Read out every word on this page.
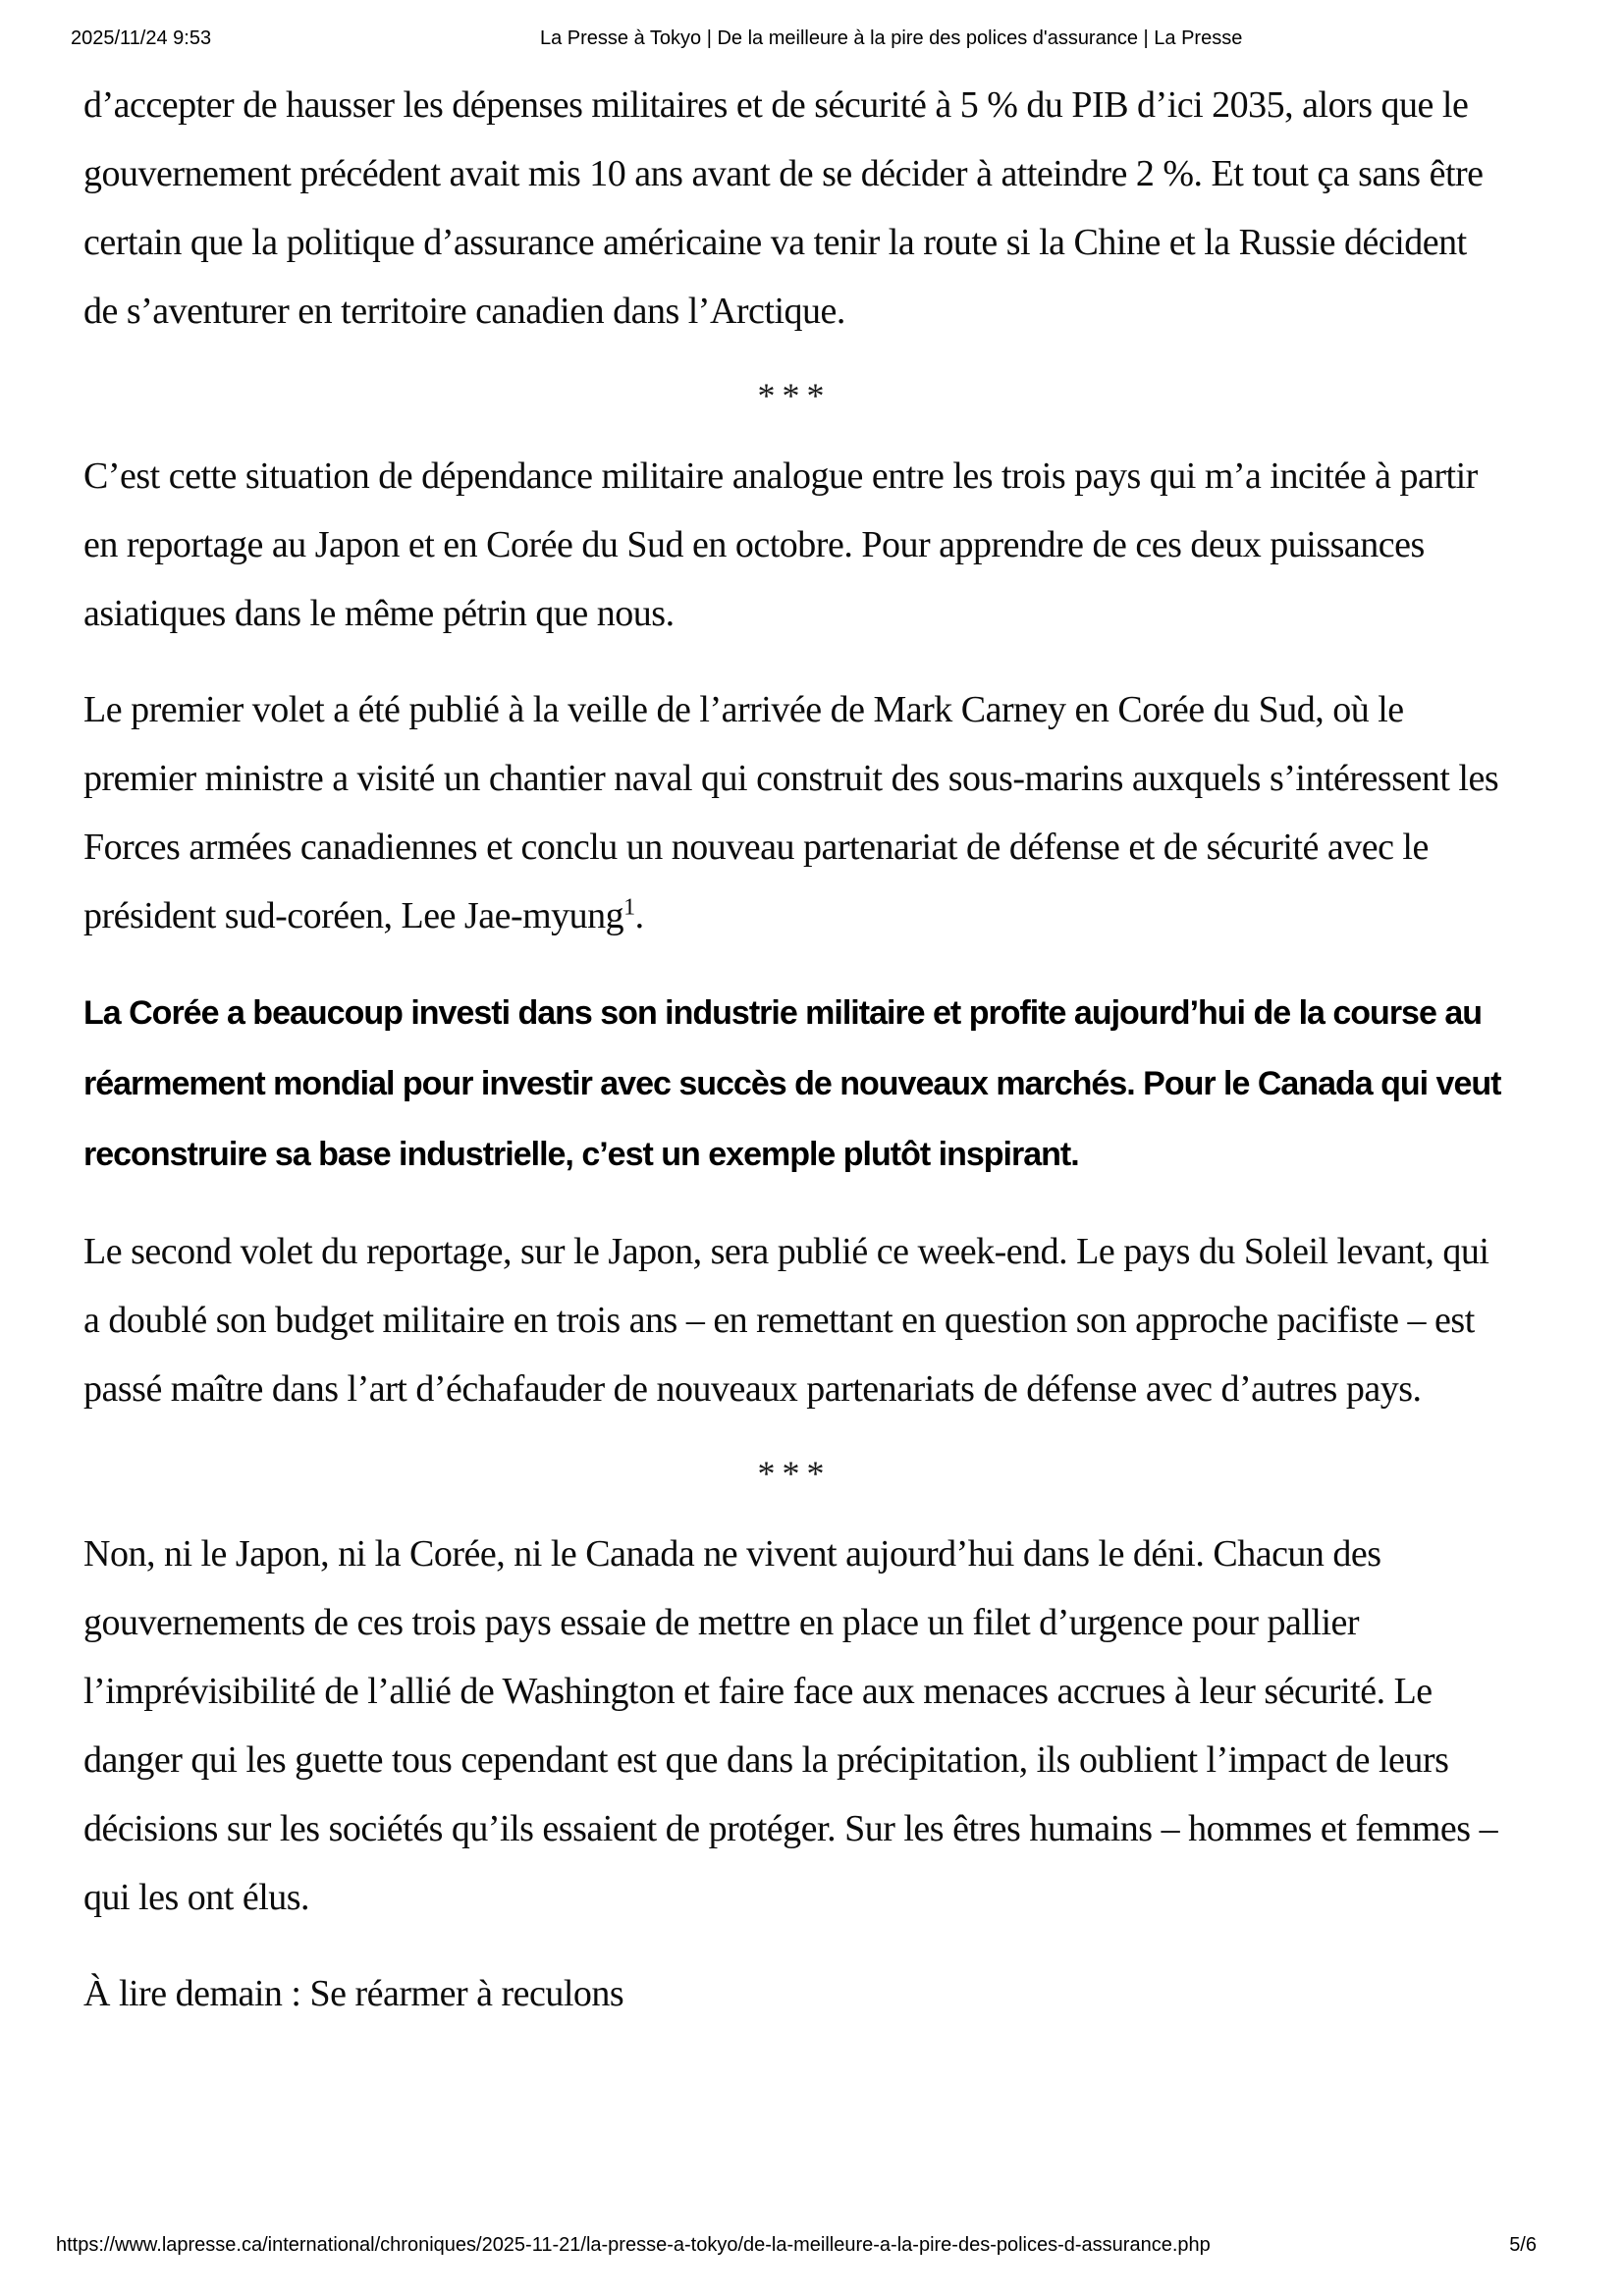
2025/11/24 9:53	La Presse à Tokyo | De la meilleure à la pire des polices d'assurance | La Presse

d’accepter de hausser les dépenses militaires et de sécurité à 5 % du PIB d’ici 2035, alors que le gouvernement précédent avait mis 10 ans avant de se décider à atteindre 2 %. Et tout ça sans être certain que la politique d’assurance américaine va tenir la route si la Chine et la Russie décident de s’aventurer en territoire canadien dans l’Arctique.

***

C’est cette situation de dépendance militaire analogue entre les trois pays qui m’a incitée à partir en reportage au Japon et en Corée du Sud en octobre. Pour apprendre de ces deux puissances asiatiques dans le même pétrin que nous.

Le premier volet a été publié à la veille de l’arrivée de Mark Carney en Corée du Sud, où le premier ministre a visité un chantier naval qui construit des sous-marins auxquels s’intéressent les Forces armées canadiennes et conclu un nouveau partenariat de défense et de sécurité avec le président sud-coréen, Lee Jae-myung$^1$.

La Corée a beaucoup investi dans son industrie militaire et profite aujourd’hui de la course au réarmement mondial pour investir avec succès de nouveaux marchés. Pour le Canada qui veut reconstruire sa base industrielle, c’est un exemple plutôt inspirant.

Le second volet du reportage, sur le Japon, sera publié ce week-end. Le pays du Soleil levant, qui a doublé son budget militaire en trois ans – en remettant en question son approche pacifiste – est passé maître dans l’art d’échafauder de nouveaux partenariats de défense avec d’autres pays.

***

Non, ni le Japon, ni la Corée, ni le Canada ne vivent aujourd’hui dans le déni. Chacun des gouvernements de ces trois pays essaie de mettre en place un filet d’urgence pour pallier l’imprévisibilité de l’allié de Washington et faire face aux menaces accrues à leur sécurité. Le danger qui les guette tous cependant est que dans la précipitation, ils oublient l’impact de leurs décisions sur les sociétés qu’ils essaient de protéger. Sur les êtres humains – hommes et femmes – qui les ont élus.

À lire demain : Se réarmer à reculons

https://www.lapresse.ca/international/chroniques/2025-11-21/la-presse-a-tokyo/de-la-meilleure-a-la-pire-des-polices-d-assurance.php	5/6
